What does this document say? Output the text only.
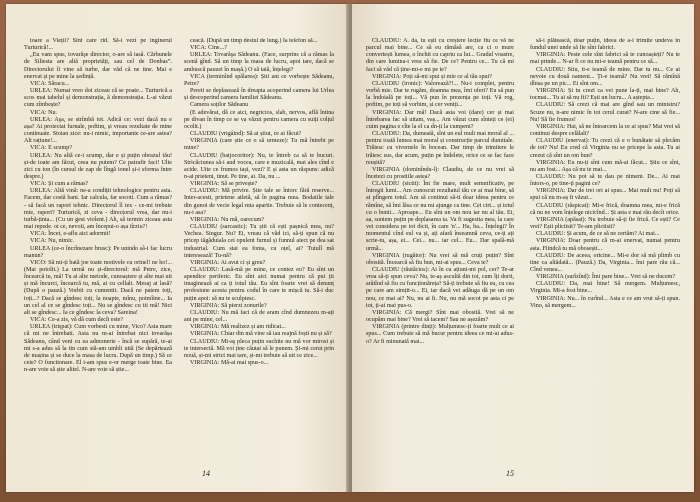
toare a Vieții? Sînt care rid. Să-i vezi pe inginerul Turturică!...

„Eu vam spus, tovarăşe director, o-are să iasă. Cărbunele de Siliesta are altă proprietăți, sau cel de Donbas”. Directorului îi vine să turbe, dar văd că ne tine. Mai e enervat și pe mine la ședință.

VICA: Săracu...

URLEA: Numai vreo doi ziceau că se poate... Turturică a scos mai tabelul și demonstrația, ă demonstrația. L-ai văzut cum zîmbește?

VICA: Nu.

URLEA: Aşa, se strîmbă tot. Adică ce: vezi dacă nu e așa? Ai proiectat furnale, poftim, și vreau rezultate de mine continuate. Stoian zice: nu-i nimic, importante ce-are astea? Alt rațiune!...

VICA: E scump?

URLEA: Nu altă ce-i scump, dar e și puțin obrazul tău! și-de toate am făcut, ceea nu putem? Ce patrafir faci! Ulie zici cu ton (în cursul de zap de lîngă ionel și-i sforma între despre.)

VICA: Și cum a rămas?

URLEA: Altă vină: ne-a condițit tehnologice pentru asta. Facem, dar costă bani. Iar calcula, far socoti. Cum a rămas? - să facă un raport tehnic. Directorul îl tex - ce-mi trebuie mie, raport? Turturică, zi ceva - direcțorul vrea, dar nu-i turbă-ținta... (Cu un gest violent.) Ah, să termin ziceau asta mai repede. oi ce, nevoii, am început-o așa tîrziu?!

VICA: Încet, e-aflu aici adormit!

VICA: Nu, nimic.

URLEA (ce-o încrînezare brusc): Pe unindo sâ-i fac lucru manun?

VICO: Să mi-ți bată joe toate motivele cu orinel! ne ho!... (Mai potolit.) La urmă nu și-directorul: mă Petre, zice, încearcă tu, mă! Tu ai alte metode, cunoaștere și alte mai uit și mă încurci, încearcă tu, mă, ai cu cellalt. Mesaj ai lasă? (După o pauză.) Vorbit cu cumentit. Dacă ne patem toți, toți...? Dacă se gîndesc toți, la noapte, mînu, poimîine... Ia un cel al ce se gîndesc toți... Nu se gîndesc cu tii mă! Nici alt se gîndesc... Ia ce gîndesc la ceva? Sareina!

VICA: Ce-a zis, vă dă cum decît este?

URLEA (trișpat): Cum vorbesti cu mine, Vico? Asta mare că mi ne întrebati. Asta nu m-ai întrebat nici tovarășa Sădeanu, când veni cu ea admonerie - încă se supără, te-ai mi s-a adus să la tin cum stă-am umbli uită (Se depărtează de mașina și se duce la masa de lucru. După un timp.) Să ce ceie? O functionare. El i-am spus e-or merge toate bine. Ea n-are voie să știe alitel. N-are voie să știe...

ceacă. (După un timp destul de lung.) Ia telefon să...

VICA: Cine...?

URLEA: Tovarăşa Sădeanu. (Face, surprins că a rămas la scenă gînd. Să un timp la masa de lucru, apoi tare, dacă se ambuscă pauzei în mașă.) O să taiă, înțelegi?

VICA (terminînd spălarea): Știi ani ce vorbește Sădeanu, Petre?

Pereti se deplasează în dreapta acoperind camera lui Urlea și descoperind camera familiei Sădeanu.

Camera soților Sădeanu

(E adevărat, dă ce aici, negricios, slab, nervos, află întina pe divan în timp ce se va văzut pentru camera cu suiți colțul ocolit.)

CLAUDIU (vrigâind): Să ai știut, ce ai făcut?

VIRGINIA (care știe ce o să urmeze): Tu mă întrebi pe mine?

CLAUDIU (batjocoritor): Nu, te întreb ca să te bucuri. Stricăciunea să-i aud vocea, care e muzicală, mai ales cînd e acide. Uite ce frumos tași, vezi? E și asta un răspuns: adică n-ai prieteni, tinut. Pe tine, ai. Da, nu ...

VIRGINIA: Să se privește?

CLAUDIU: Mă privire. Știe tale se întorc fără reserve... Inter-acesti, prietene atletă, să în pagina mea. Bodaiile tale din gunoi de vecie legal mia apartie. Trebuie să le contecenț, nu-i asa?

VIRGINIA: Nu mă, oarecum?

CLAUDIU (sarcastic): Tu știi că ești pașnică mea, nu? Vechea. Singur. Nu? Ei, vreau că văd ici, să-ți spun că nu pricep tăgăduiala cei opulent furnul și funnul aiect pe dea sat industrial. Cum stai ea fonta, cu oțel, ai? Tutulî mă interesează! Tu-nă?

VIRGINIA: Ai avut ci și greu?

CLAUDIU: Lasă-mă pe mine, ce contez eu? Eu sînt un apendice periferic. Eu sînt aici numai pentru că pui ții imaginează ai ca ți totul tău. Eu sînt foarte vrei să denunț profesiune acesta pentru codul în care te mișcă tu. Să-i duc puțin apoi: să nu te sculptesc.

VIRGINIA: Să pierzi zonurile?

CLAUDIU: Nu mă faci că de aram cînd dumnezeu m-ați ani pe mine, cel...

VIRGINIA: Mă realizez și am ridicat...

VIRGINIA: Chiar din mă vine să iau reajnă foști nu și să?

CLAUDIU: Mi-aş pleca puțin suchite nu mă vor mirosi și te intersectă. Mă voi ține căutat să le punem. Și-mi cerut prin nouă, și-mi strict mai tare, și-mi trebuie să uit ce zice...

VIRGINIA: Mă-ai mai spus-o...

14

CLAUDIU: A. da, tu ești cu creștere lecție fiu ce vă ne parcul mai bine... Ce să eu rămăsă are, ca ci o mure convertești lumea, o închit cu capriu ca lut... Gradul voastre, din care lumina-i vrea să fie. De ce? Pentru ce... Tu că mi faci să văd că ține-mi-e mi pe te?

VIRGINIA: Poți să-mi spui și mie ce al tău spui?

CLAUDIU (ironic): Valorează?!... Nu-i complet, pentru vorbă mie. Dar te rugăm, doamna mea, îmi oferi? Eu să pun la îndoială pe toți... Vă pun în prezența pe toți. Vă rog, poftim, pe toți să vorbim, și cer veniți...

VIRGINIA: Dar mă! Dacă asta voi (dare) cer și mai întrebarea fac să uitam, vaș... Am văzut cum sînteți ce (ei) cuim pagina e cîte la el ca dn-ți la cumpeni?

CLAUDIU: Da, dumeată, sînt un eul mult mai moral al ... pentru toată lumea mai moral și construcție parcul dumitale. Trăiesc cu vivernele în bocean. Dar timp de trimitere le trăiesc sus, dar acum, puțin pe îndelete, orice ce se fac face reușită?

VIRGINIA (dominîndu-l): Claudiu, de ce nu vrei să încetezi cu prostiile astea?

CLAUDIU (sictit): Înt fie mare, mult semnificativ, pe întregii lumi... Am cunoscut rezultatul tău ce ai mai bine, să ai plîngem totul. Am să continui să-ti doar ideea pentru ce rămîne, să îmi lăsa ce nu mi ajunge ca tine. Cei cirt... și totul cu o bunii... Aproape... Eu sînt un om nou iar nu al tău. Ei, aa, suntem puțin pe deplasarea ta. Va fi sugestia mea, la care vei considera pe tot dicit, în care 'n'... Ha, ha... Înțelegi? În momentul cînd eul va și, ați afară înseamnă ceva, ce-ți ați scrie-tu, așa, ei... Cei... nu... iar cel... Eu... Dar spală-mă urmă...

VIRGINIA (rugător): Nu vrei să mă cruți puțin? Sînt obosită. Încearcă să fiu bun, mi-ai spus... Ceva te?

CLAUDIU (răutăcios): Ai în cu ațiuni-mi pol, cer? Te-ar vrea să-ți spun ceva? Nu, te-aș ascultă din tot, cum îți dorit, arătînd să fiu cu funcționăreța? Să-ți trebuie să fiu eu, cu cea pe care am simțit-o... Ei, iar dacă vei adăuga dă pe un om nou, ce mai ai? Nu, nu ai fi. Nu, nu mă socot pe asta ci pe tot, ți-ai mai pus-o.

VIRGINIA: Că mergi? Sînt mai obosită. Vrei să ne ocupăm mai bine? Vrei să tacem? Sau ne așezăm?

VIRGINIA (printre dinți): Mulțumesc-ți foarte mult ce ai spus... Cum trebuie să mă bucur pentru ideea ce mi-ai adus-o? Ar fi minunată mai...

să-i plătească, doar puțin, ideea de a-i trimite undeva în fundul unei unde să fie sînt fabrici.

VIRGINIA: Peste cele sînt fabrici să te cunoașteți? Nu te mai prinde... N-ar fi ce nu mi-e teamă pentru ce să...

CLAUDIU: Stiu, ti-e teamă de mine. Dar tu nu... Ce ai nevoie cu două oameni... Ți-e teamă? Nu vrei! Să rămînă dînsa pe un pic... Ei sînt om...

VIRGINIA: Și tu crezi ca vei pune la-ți, mai bine? Ah, tocmai... Tu ai să nu fii? Ești un lucru... A aștepta...

CLAUDIU: Să crezi că mai are gînd sau un ministru? Scuze nu, n-are nimic în tot cerul curat? N-are cine să fie... Nu! Să fie frumos!

VIRGINIA: Hai, să ne întoarcem la ce ai spus? Mai vrei să continui despre celălalt?

CLAUDIU (enervat): Tu crezi că e o bunătate să plecăm de tot? Nu! Eu cred că Virginia nu se pricepe la asta. Tu ai crezut că sînt un om bun?

VIRGINIA: Eu nu-ți sînt cum mă-ai făcut... Știu ce sînt, nu am fost... Așa că nu te mai...

CLAUDIU: Nu pot să te dau pe nimeni. De... Ai mai întors-o, pe tine-ți pagini ce?

VIRGINIA: Dar de trei ori ai spus... Mai mult nu! Poți să spui că nu m-aș fi văzut...

CLAUDIU (răspicat): Mi-e frică, doamna mea, mi-e frică că nu ne vom înțelege nicicînd... Și asta e mai rău decît orice.

VIRGINIA (apăsat): Nu trebuie să-ți fie frică. Ce ești? Ce vrei? Ești plictisit? Te-am plictisit?

CLAUDIU: Și acum, de ce să ne certăm? Ai mai...

VIRGINIA: Doar pentru că m-ai enervat, numai pentru asta. Fiindcă tu mă obosești...

CLAUDIU: De aceea, oricine... Mi-e dor să mă plimb cu tine ca altădată... (Pauză.) Da, Virginia... îmi pare rău că... Cînd venea...

VIRGINIA (surîzînd): Îmi pare bine... Vrei să ne ducem?

CLAUDIU: Da, mai bine! Să mergem. Mulțumesc, Virginia. Mi-a fost bine...

VIRGINIA: Nu... în curînd... Asta e ce am vrut să-ți spun. Vino, să mergem...

15
